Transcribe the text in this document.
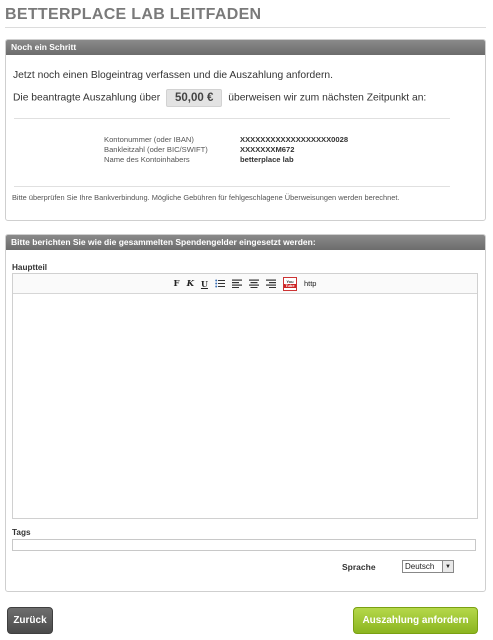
BETTERPLACE LAB LEITFADEN
Noch ein Schritt
Jetzt noch einen Blogeintrag verfassen und die Auszahlung anfordern.
Die beantragte Auszahlung über 50,00 € überweisen wir zum nächsten Zeitpunkt an:
Kontonummer (oder IBAN)	XXXXXXXXXXXXXXXXXX0028
Bankleitzahl (oder BIC/SWIFT)	XXXXXXXM672
Name des Kontoinhabers	betterplace lab
Bitte überprüfen Sie Ihre Bankverbindung. Mögliche Gebühren für fehlgeschlagene Überweisungen werden berechnet.
Bitte berichten Sie wie die gesammelten Spendengelder eingesetzt werden:
Hauptteil
F K U	You
Tube http
Tags
Sprache	Deutsch	▼
Zurück	Auszahlung anfordern
